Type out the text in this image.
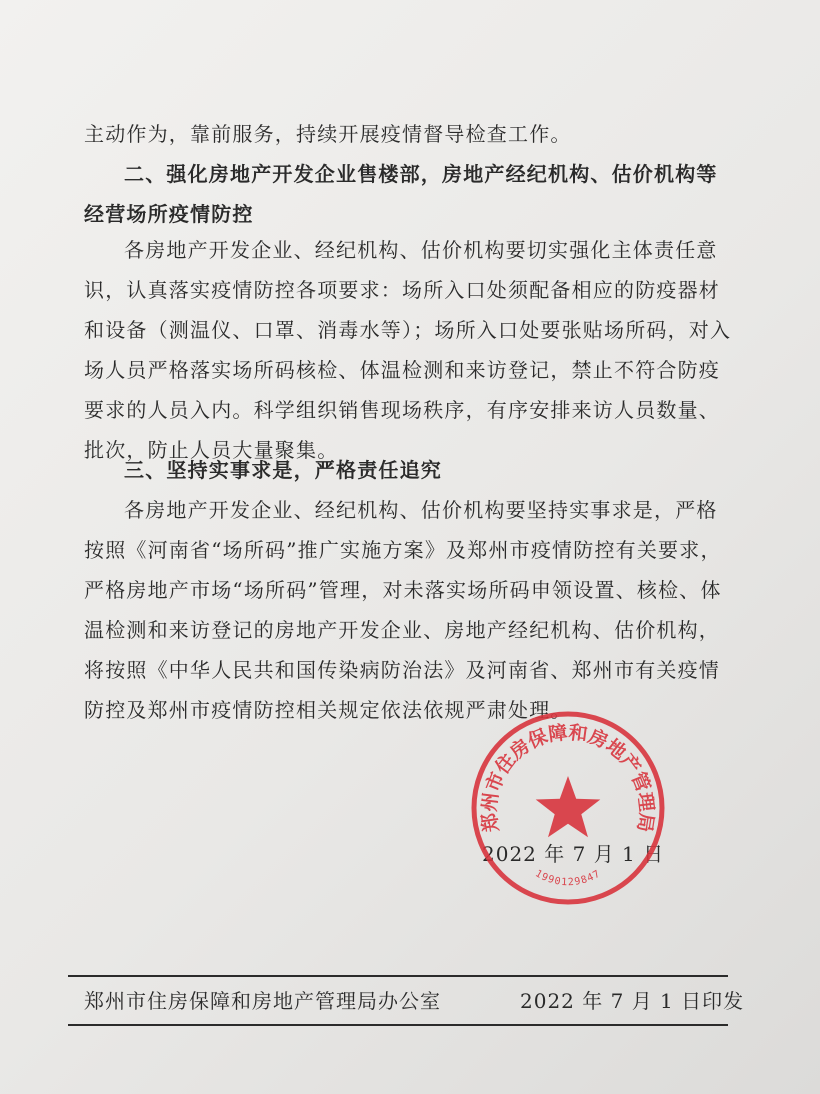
主动作为，靠前服务，持续开展疫情督导检查工作。

二、强化房地产开发企业售楼部，房地产经纪机构、估价机构等经营场所疫情防控

各房地产开发企业、经纪机构、估价机构要切实强化主体责任意识，认真落实疫情防控各项要求：场所入口处须配备相应的防疫器材和设备（测温仪、口罩、消毒水等）；场所入口处要张贴场所码，对入场人员严格落实场所码核检、体温检测和来访登记，禁止不符合防疫要求的人员入内。科学组织销售现场秩序，有序安排来访人员数量、批次，防止人员大量聚集。

三、坚持实事求是，严格责任追究

各房地产开发企业、经纪机构、估价机构要坚持实事求是，严格按照《河南省“场所码”推广实施方案》及郑州市疫情防控有关要求，严格房地产市场“场所码”管理，对未落实场所码申领设置、核检、体温检测和来访登记的房地产开发企业、房地产经纪机构、估价机构，将按照《中华人民共和国传染病防治法》及河南省、郑州市有关疫情防控及郑州市疫情防控相关规定依法依规严肃处理。

2022 年 7 月 1 日
郑州市住房保障和房地产管理局
1990129847
郑州市住房保障和房地产管理局办公室	2022 年 7 月 1 日印发
